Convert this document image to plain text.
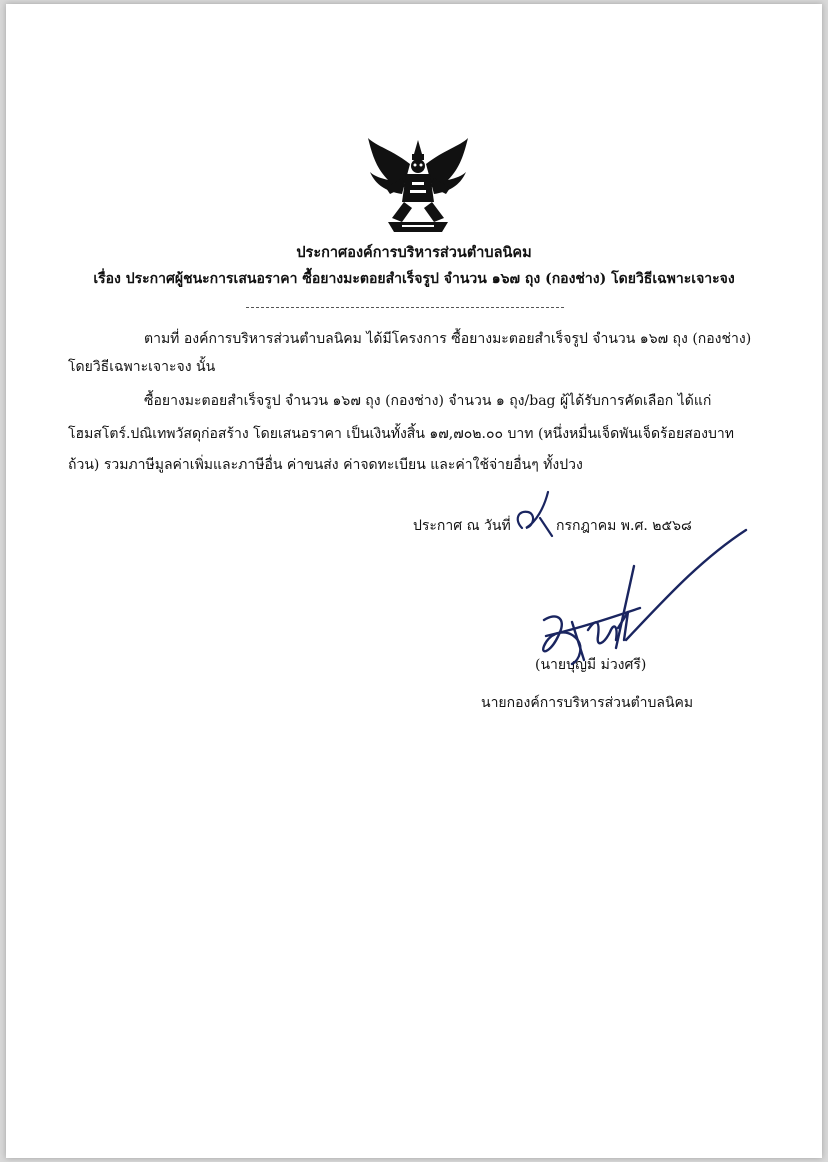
ประกาศองค์การบริหารส่วนตำบลนิคม
เรื่อง ประกาศผู้ชนะการเสนอราคา ซื้อยางมะตอยสำเร็จรูป จำนวน ๑๖๗ ถุง (กองช่าง) โดยวิธีเฉพาะเจาะจง
ตามที่ องค์การบริหารส่วนตำบลนิคม ได้มีโครงการ ซื้อยางมะตอยสำเร็จรูป จำนวน ๑๖๗ ถุง (กองช่าง)
โดยวิธีเฉพาะเจาะจง นั้น
ซื้อยางมะตอยสำเร็จรูป จำนวน ๑๖๗ ถุง (กองช่าง) จำนวน ๑ ถุง/bag ผู้ได้รับการคัดเลือก ได้แก่
โฮมสโตร์.ปณิเทพวัสดุก่อสร้าง โดยเสนอราคา เป็นเงินทั้งสิ้น ๑๗,๗๐๒.๐๐ บาท (หนึ่งหมื่นเจ็ดพันเจ็ดร้อยสองบาท
ถ้วน) รวมภาษีมูลค่าเพิ่มและภาษีอื่น ค่าขนส่ง ค่าจดทะเบียน และค่าใช้จ่ายอื่นๆ ทั้งปวง
ประกาศ ณ วันที่	กรกฎาคม พ.ศ. ๒๕๖๘
(นายบุญมี ม่วงศรี)
นายกองค์การบริหารส่วนตำบลนิคม
